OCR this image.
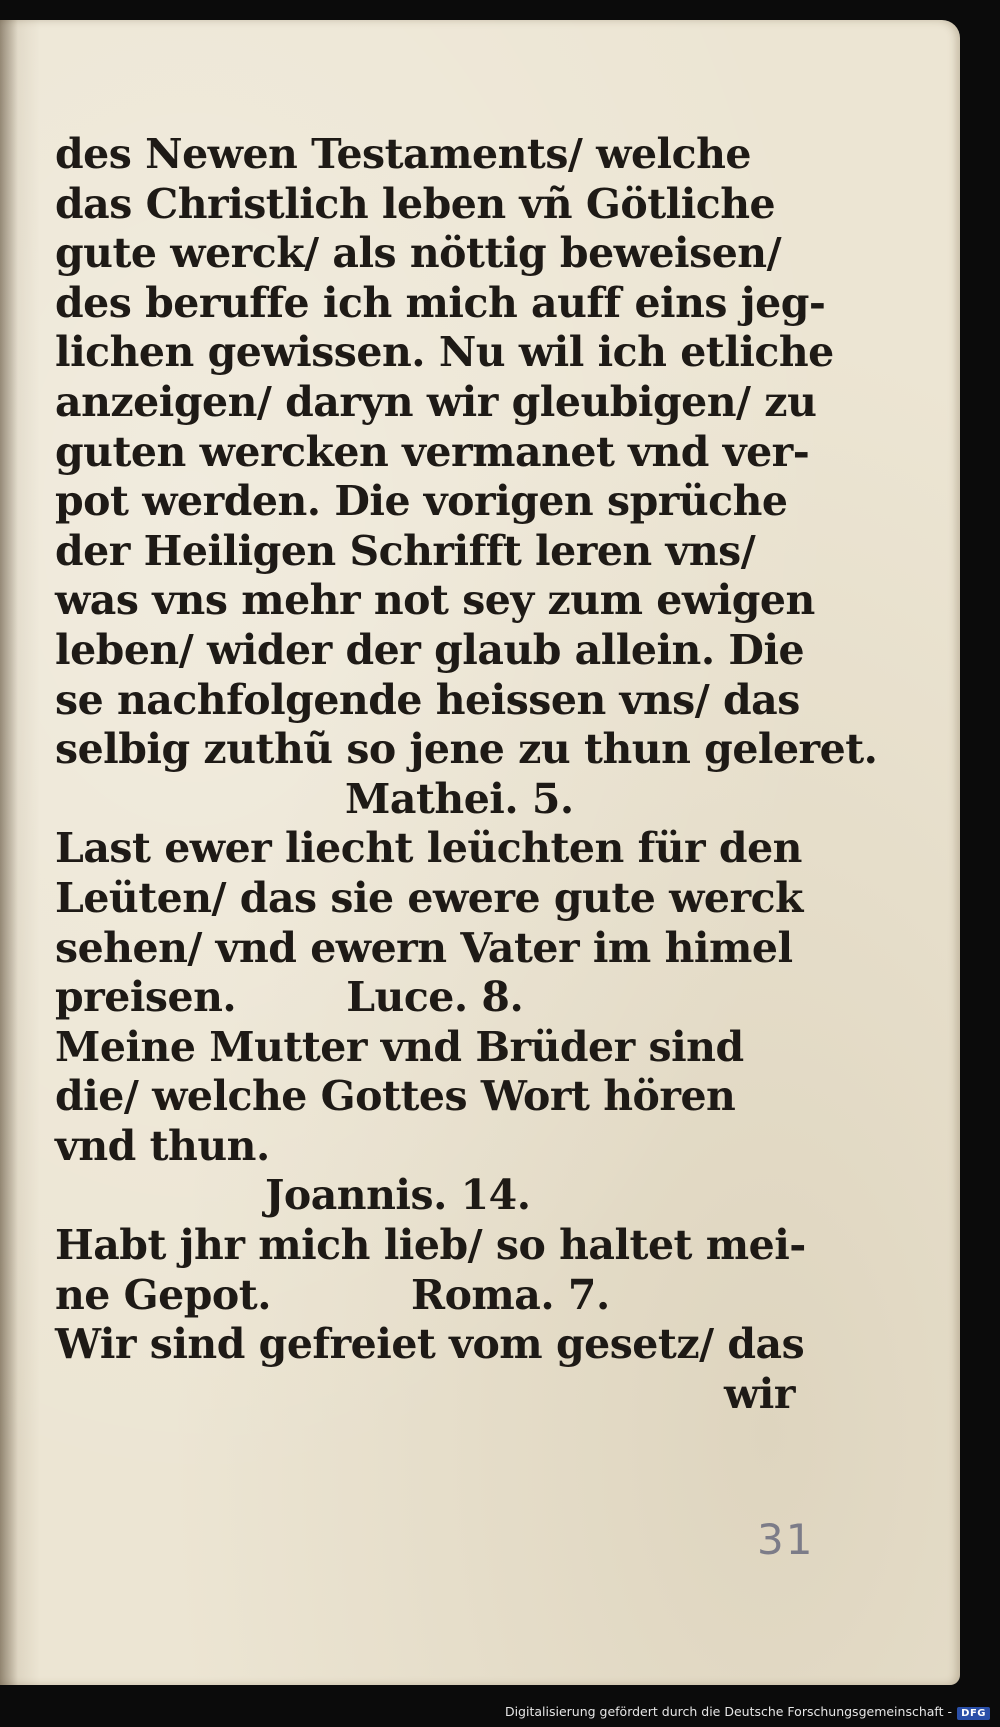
des Newen Testaments/ welche
das Christlich leben vñ Götliche
gute werck/ als nöttig beweisen/
des beruffe ich mich auff eins jeg-
lichen gewissen. Nu wil ich etliche
anzeigen/ daryn wir gleubigen/ zu
guten wercken vermanet vnd ver-
pot werden. Die vorigen sprüche
der Heiligen Schrifft leren vns/
was vns mehr not sey zum ewigen
leben/ wider der glaub allein. Die
se nachfolgende heissen vns/ das
selbig zuthũ so jene zu thun geleret.
Mathei. 5.
Last ewer liecht leüchten für den
Leüten/ das sie ewere gute werck
sehen/ vnd ewern Vater im himel
preisen.	Luce. 8.
Meine Mutter vnd Brüder sind
die/ welche Gottes Wort hören
vnd thun.
Joannis. 14.
Habt jhr mich lieb/ so haltet mei-
ne Gepot.	Roma. 7.
Wir sind gefreiet vom gesetz/ das
wir
31
Digitalisierung gefördert durch die Deutsche Forschungsgemeinschaft - DFG
